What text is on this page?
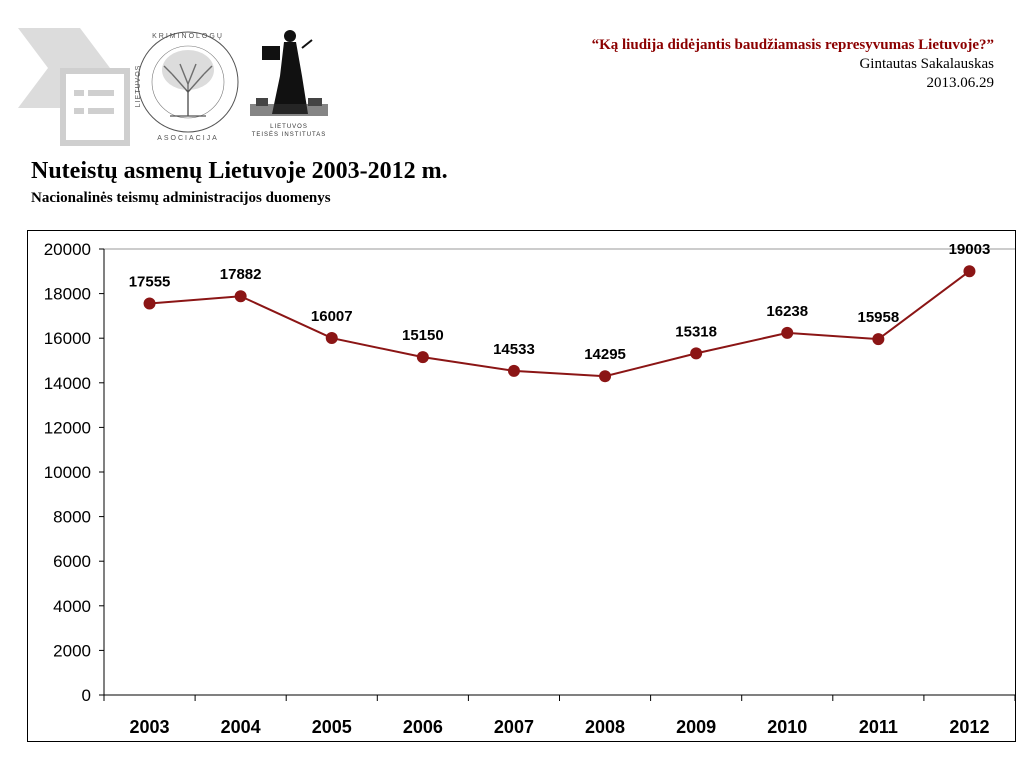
KRIMINOLOGŲ
ASOCIACIJA
LIETUVOS
LIETUVOS
TEISĖS INSTITUTAS
“Ką liudija didėjantis baudžiamasis represyvumas Lietuvoje?”
Gintautas Sakalauskas
2013.06.29
Nuteistų asmenų Lietuvoje 2003-2012 m.
Nacionalinės teismų administracijos duomenys
0
2000
4000
6000
8000
10000
12000
14000
16000
18000
20000
2003	2004	2005	2006	2007	2008	2009	2010	2011	2012
17555	17882
16007
15150
14533	14295
15318
16238	15958
19003
